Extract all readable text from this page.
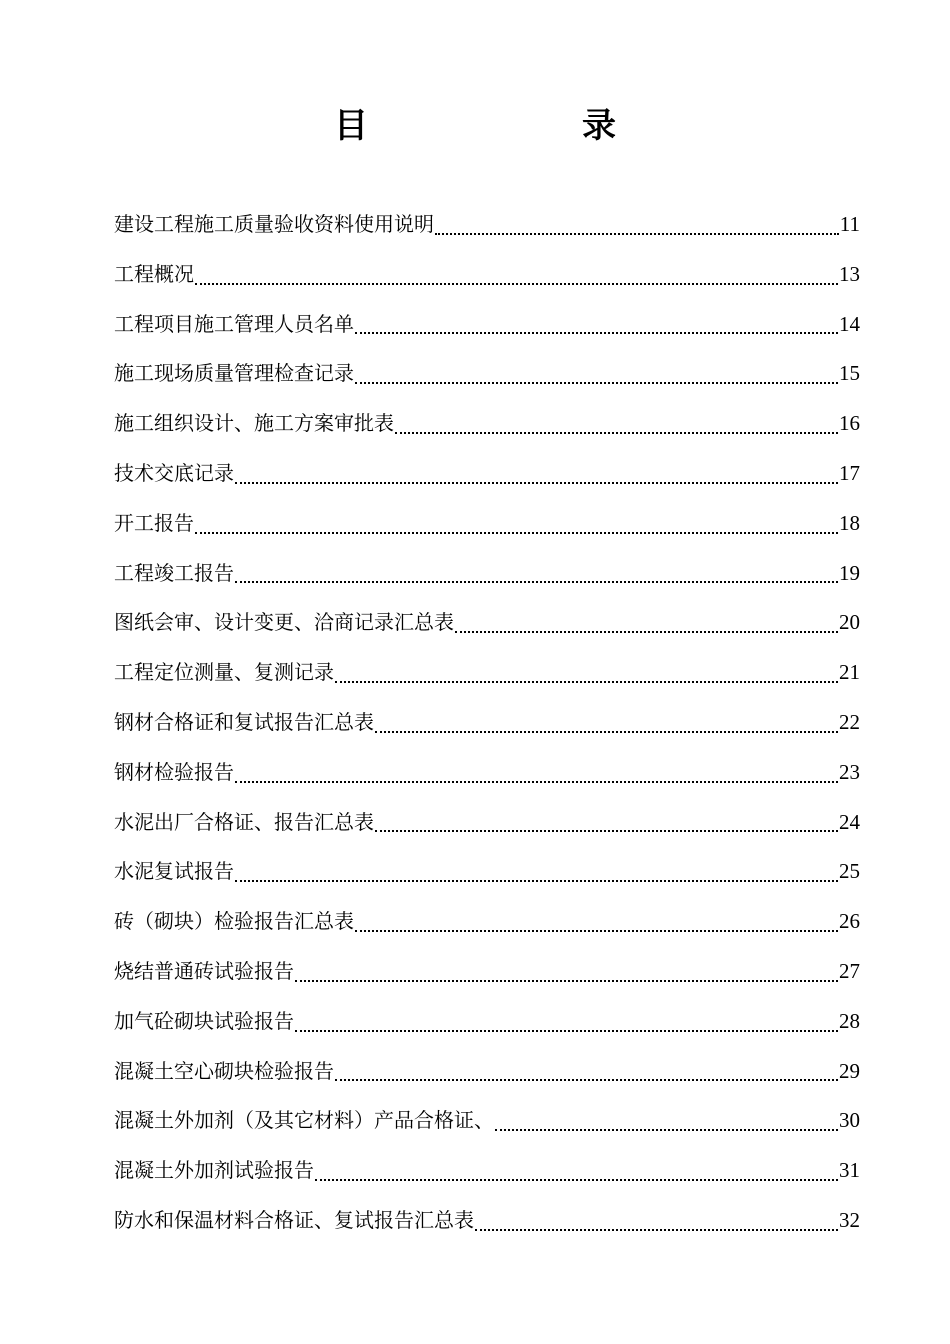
目　录
建设工程施工质量验收资料使用说明	11
工程概况	13
工程项目施工管理人员名单	14
施工现场质量管理检查记录	15
施工组织设计、施工方案审批表	16
技术交底记录	17
开工报告	18
工程竣工报告	19
图纸会审、设计变更、洽商记录汇总表	20
工程定位测量、复测记录	21
钢材合格证和复试报告汇总表	22
钢材检验报告	23
水泥出厂合格证、报告汇总表	24
水泥复试报告	25
砖（砌块）检验报告汇总表	26
烧结普通砖试验报告	27
加气砼砌块试验报告	28
混凝土空心砌块检验报告	29
混凝土外加剂（及其它材料）产品合格证、	30
混凝土外加剂试验报告	31
防水和保温材料合格证、复试报告汇总表	32
